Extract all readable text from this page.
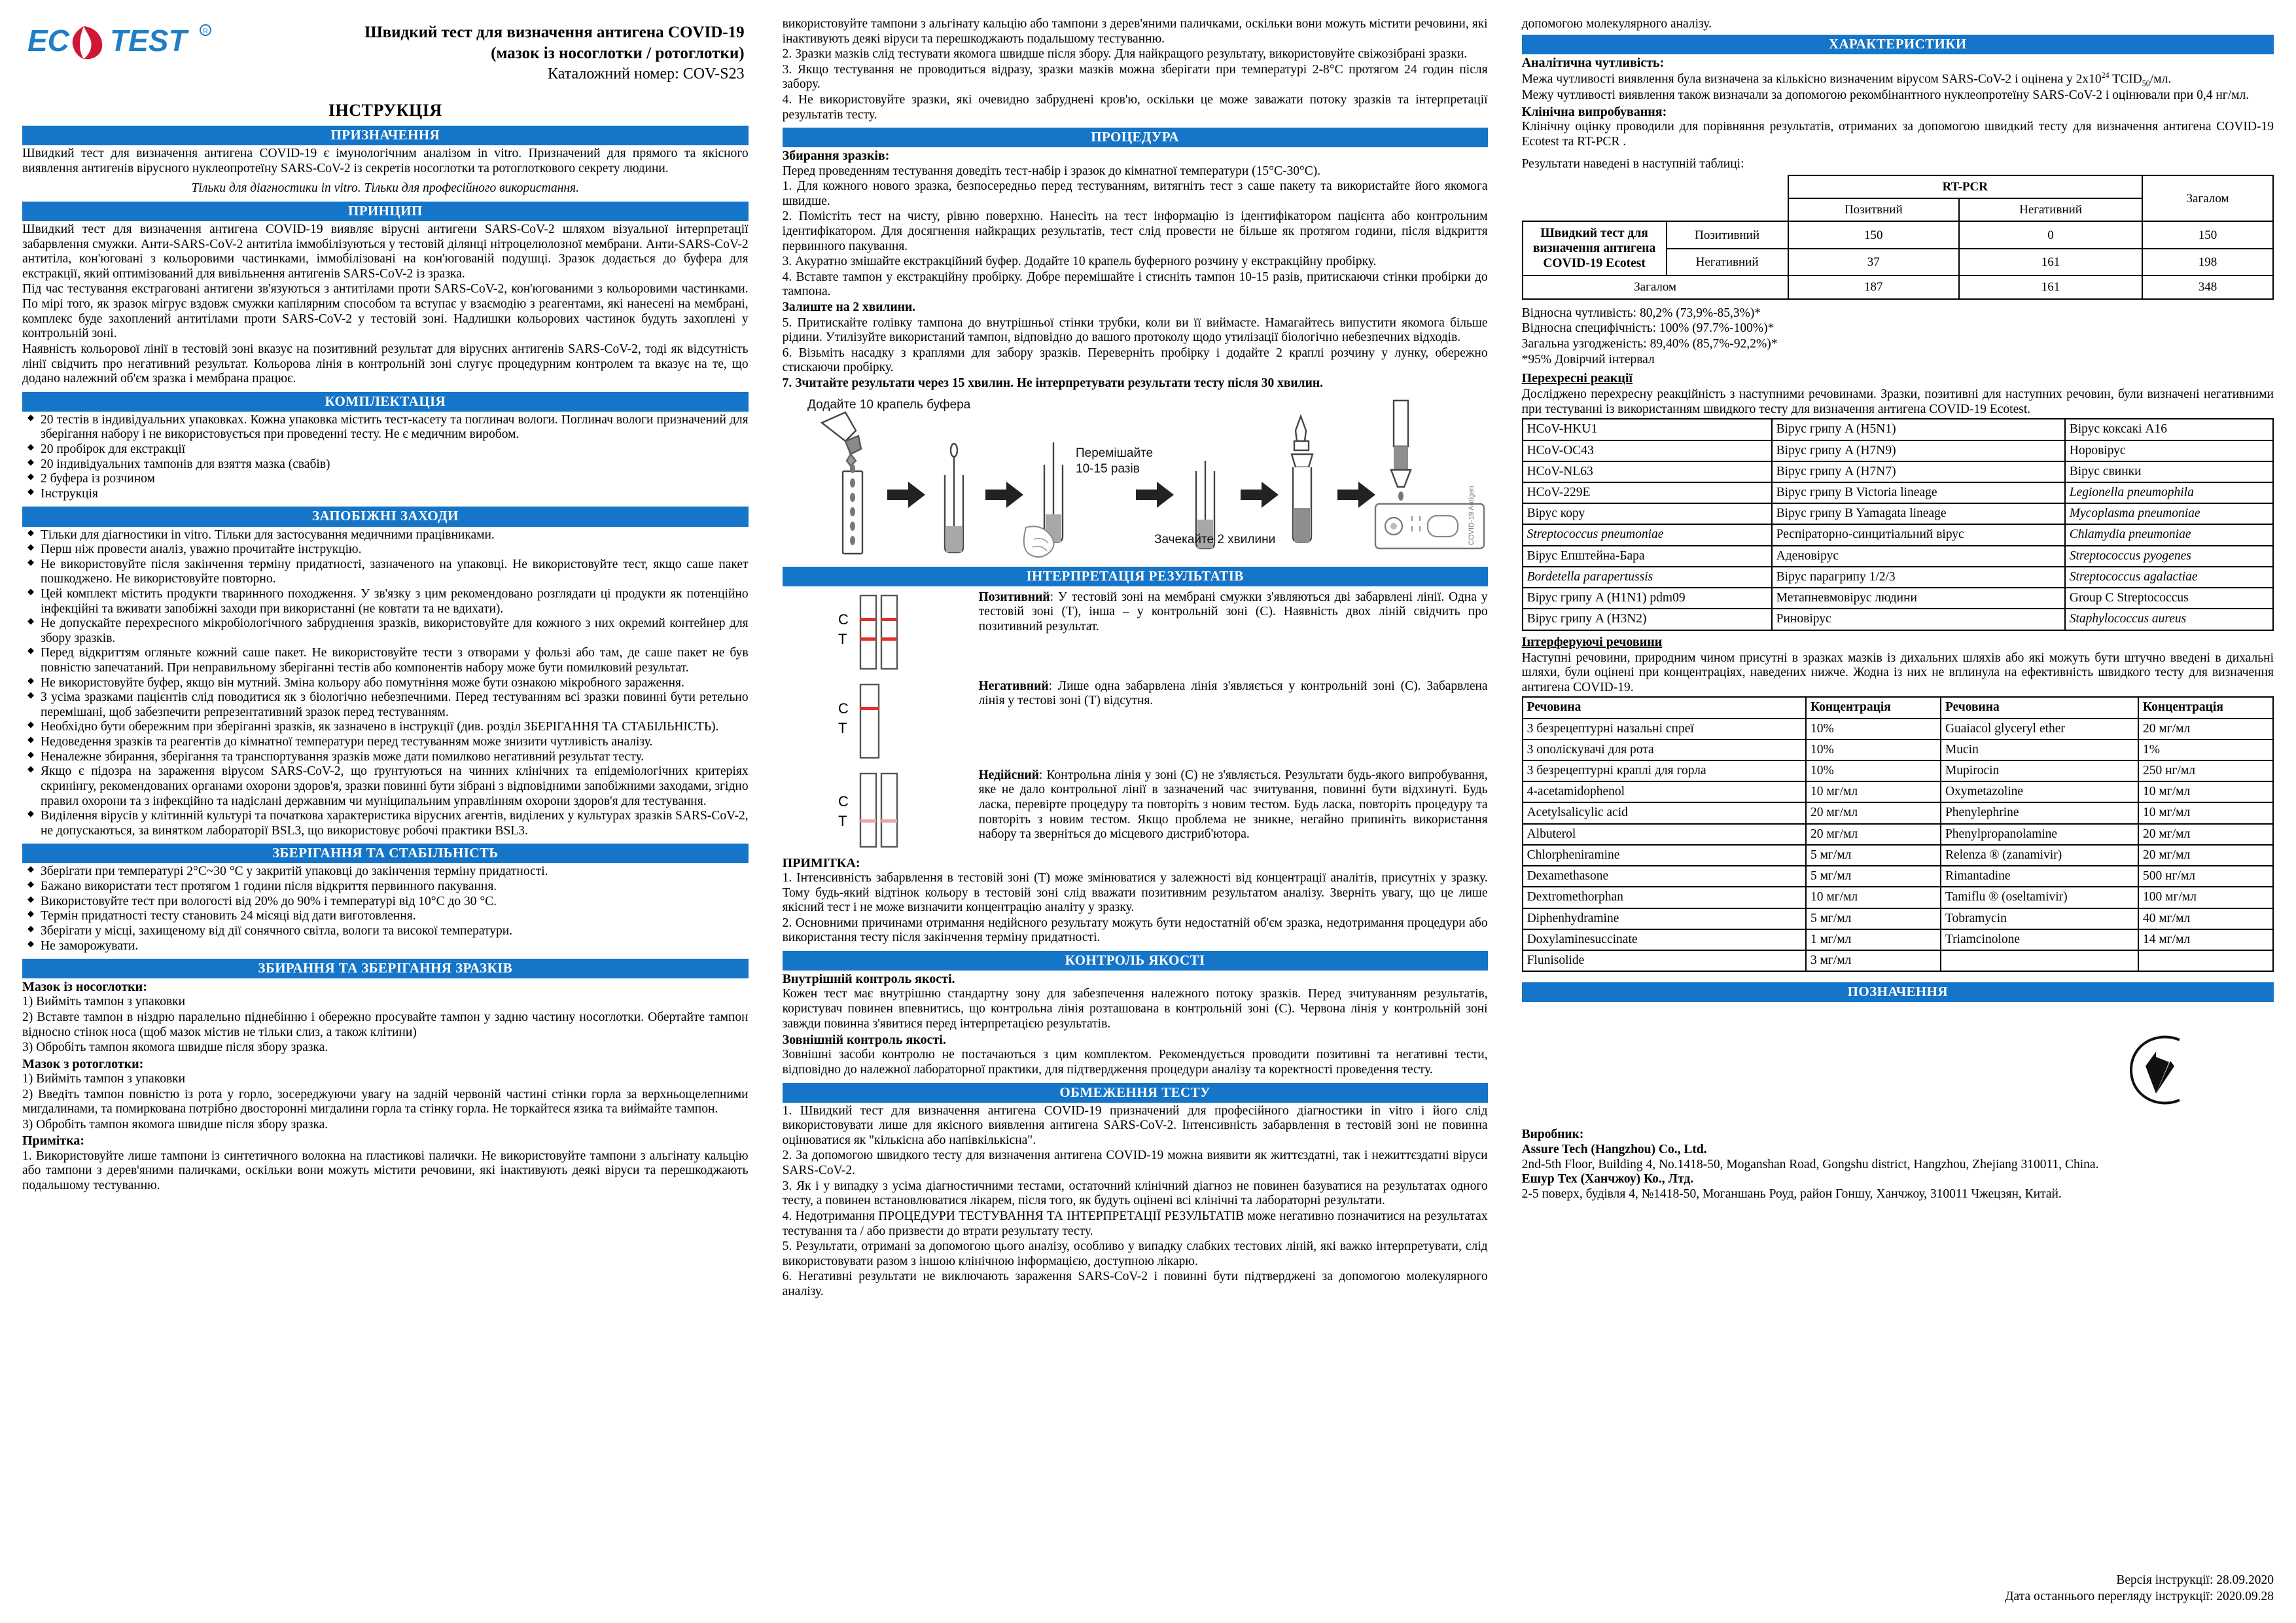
EC TEST	R	Швидкий тест для визначення антигена COVID-19
(мазок із носоглотки / ротоглотки)
Каталожний номер: COV-S23
ІНСТРУКЦІЯ
ПРИЗНАЧЕННЯ

Швидкий тест для визначення антигена COVID-19 є імунологічним аналізом in vitro. Призначений для прямого та якісного виявлення антигенів вірусного нуклеопротеїну SARS-CoV-2 із секретів носоглотки та ротоглоткового секрету людини.

Тільки для діагностики in vitro. Тільки для професійного використання.

ПРИНЦИП

Швидкий тест для визначення антигена COVID-19 виявляє вірусні антигени SARS-CoV-2 шляхом візуальної інтерпретації забарвлення смужки. Анти-SARS-CoV-2 антитіла іммобілізуються у тестовій ділянці нітроцелюлозної мембрани. Анти-SARS-CoV-2 антитіла, кон'юговані з кольоровими частинками, іммобілізовані на кон'югованій подушці. Зразок додається до буфера для екстракції, який оптимізований для вивільнення антигенів SARS-CoV-2 із зразка.

Під час тестування екстраговані антигени зв'язуються з антитілами проти SARS-CoV-2, кон'югованими з кольоровими частинками. По мірі того, як зразок мігрує вздовж смужки капілярним способом та вступає у взаємодію з реагентами, які нанесені на мембрані, комплекс буде захоплений антитілами проти SARS-CoV-2 у тестовій зоні. Надлишки кольорових частинок будуть захоплені у контрольній зоні.

Наявність кольорової лінії в тестовій зоні вказує на позитивний результат для вірусних антигенів SARS-CoV-2, тоді як відсутність лінії свідчить про негативний результат. Кольорова лінія в контрольній зоні слугує процедурним контролем та вказує на те, що додано належний об'єм зразка і мембрана працює.

КОМПЛЕКТАЦІЯ
◆ 20 тестів в індивідуальних упаковках. Кожна упаковка містить тест-касету та поглинач вологи. Поглинач вологи призначений для зберігання набору і не використовується при проведенні тесту. Не є медичним виробом.
◆ 20 пробірок для екстракції
◆ 20 індивідуальних тампонів для взяття мазка (свабів)
◆ 2 буфера із розчином
◆ Інструкція
ЗАПОБІЖНІ ЗАХОДИ
◆ Тільки для діагностики in vitro. Тільки для застосування медичними працівниками.
◆ Перш ніж провести аналіз, уважно прочитайте інструкцію.
◆ Не використовуйте після закінчення терміну придатності, зазначеного на упаковці. Не використовуйте тест, якщо саше пакет пошкоджено. Не використовуйте повторно.
◆ Цей комплект містить продукти тваринного походження. У зв'язку з цим рекомендовано розглядати ці продукти як потенційно інфекційні та вживати запобіжні заходи при використанні (не ковтати та не вдихати).
◆ Не допускайте перехресного мікробіологічного забруднення зразків, використовуйте для кожного з них окремий контейнер для збору зразків.
◆ Перед відкриттям огляньте кожний саше пакет. Не використовуйте тести з отворами у фользі або там, де саше пакет не був повністю запечатаний. При неправильному зберіганні тестів або компонентів набору може бути помилковий результат.
◆ Не використовуйте буфер, якщо він мутний. Зміна кольору або помутніння може бути ознакою мікробного зараження.
◆ З усіма зразками пацієнтів слід поводитися як з біологічно небезпечними. Перед тестуванням всі зразки повинні бути ретельно перемішані, щоб забезпечити репрезентативний зразок перед тестуванням.
◆ Необхідно бути обережним при зберіганні зразків, як зазначено в інструкції (див. розділ ЗБЕРІГАННЯ ТА СТАБІЛЬНІСТЬ).
◆ Недоведення зразків та реагентів до кімнатної температури перед тестуванням може знизити чутливість аналізу.
◆ Неналежне збирання, зберігання та транспортування зразків може дати помилково негативний результат тесту.
◆ Якщо є підозра на зараження вірусом SARS-CoV-2, що ґрунтуються на чинних клінічних та епідеміологічних критеріях скринінгу, рекомендованих органами охорони здоров'я, зразки повинні бути зібрані з відповідними запобіжними заходами, згідно правил охорони та з інфекційно та надіслані державним чи муніципальним управлінням охорони здоров'я для тестування.
◆ Виділення вірусів у клітинній культурі та початкова характеристика вірусних агентів, виділених у культурах зразків SARS-CoV-2, не допускаються, за винятком лабораторії BSL3, що використовує робочі практики BSL3.
ЗБЕРІГАННЯ ТА СТАБІЛЬНІСТЬ
◆ Зберігати при температурі 2°C~30 °C у закритій упаковці до закінчення терміну придатності.
◆ Бажано використати тест протягом 1 години після відкриття первинного пакування.
◆ Використовуйте тест при вологості від 20% до 90% і температурі від 10°C до 30 °C.
◆ Термін придатності тесту становить 24 місяці від дати виготовлення.
◆ Зберігати у місці, захищеному від дії сонячного світла, вологи та високої температури.
◆ Не заморожувати.
ЗБИРАННЯ ТА ЗБЕРІГАННЯ ЗРАЗКІВ
Мазок із носоглотки:

1) Вийміть тампон з упаковки

2) Вставте тампон в ніздрю паралельно піднебінню і обережно просувайте тампон у задню частину носоглотки. Обертайте тампон відносно стінок носа (щоб мазок містив не тільки слиз, а також клітини)

3) Обробіть тампон якомога швидше після збору зразка.

Мазок з ротоглотки:

1) Вийміть тампон з упаковки

2) Введіть тампон повністю із рота у горло, зосереджуючи увагу на задній червоній частині стінки горла за верхньощелепними мигдалинами, та помиркована потрібно двосторонні мигдалини горла та стінку горла. Не торкайтеся язика та виймайте тампон.

3) Обробіть тампон якомога швидше після збору зразка.

Примітка:

1. Використовуйте лише тампони із синтетичного волокна на пластикові палички. Не використовуйте тампони з альгінату кальцію або тампони з дерев'яними паличками, оскільки вони можуть містити речовини, які інактивують деякі віруси та перешкоджають подальшому тестуванню.

використовуйте тампони з альгінату кальцію або тампони з дерев'яними паличками, оскільки вони можуть містити речовини, які інактивують деякі віруси та перешкоджають подальшому тестуванню.

2. Зразки мазків слід тестувати якомога швидше після збору. Для найкращого результату, використовуйте свіжозібрані зразки.

3. Якщо тестування не проводиться відразу, зразки мазків можна зберігати при температурі 2-8°C протягом 24 годин після забору.

4. Не використовуйте зразки, які очевидно забруднені кров'ю, оскільки це може заважати потоку зразків та інтерпретації результатів тесту.

ПРОЦЕДУРА
Збирання зразків:

Перед проведенням тестування доведіть тест-набір і зразок до кімнатної температури (15°C-30°C).

1. Для кожного нового зразка, безпосередньо перед тестуванням, витягніть тест з саше пакету та використайте його якомога швидше.

2. Помістіть тест на чисту, рівню поверхню. Нанесіть на тест інформацію із ідентифікатором пацієнта або контрольним ідентифікатором. Для досягнення найкращих результатів, тест слід провести не більше як протягом години, після відкриття первинного пакування.

3. Акуратно змішайте екстракційний буфер. Додайте 10 крапель буферного розчину у екстракційну пробірку.

4. Вставте тампон у екстракційну пробірку. Добре перемішайте і стисніть тампон 10-15 разів, притискаючи стінки пробірки до тампона.

Залиште на 2 хвилини.

5. Притискайте голівку тампона до внутрішньої стінки трубки, коли ви її виймаєте. Намагайтесь випустити якомога більше рідини. Утилізуйте використаний тампон, відповідно до вашого протоколу щодо утилізації біологічно небезпечних відходів.

6. Візьміть насадку з краплями для забору зразків. Переверніть пробірку і додайте 2 краплі розчину у лунку, обережно стискаючи пробірку.

7. Зчитайте результати через 15 хвилин. Не інтерпретувати результати тесту після 30 хвилин.

COVID-19 Antigen
Додайте 10 крапель буфера
Перемішайте
10-15 разів
Зачекайте 2 хвилини
ІНТЕРПРЕТАЦІЯ РЕЗУЛЬТАТІВ
C
T
Позитивний: У тестовій зоні на мембрані смужки з'являються дві забарвлені лінії. Одна у тестовій зоні (Т), інша – у контрольній зоні (С). Наявність двох ліній свідчить про позитивний результат.
C
T
Негативний: Лише одна забарвлена лінія з'являється у контрольній зоні (С). Забарвлена лінія у тестові зоні (Т) відсутня.
C
T
Недійсний: Контрольна лінія у зоні (С) не з'являється. Результати будь-якого випробування, яке не дало контрольної лінії в зазначений час зчитування, повинні бути відхинуті. Будь ласка, перевірте процедуру та повторіть з новим тестом. Будь ласка, повторіть процедуру та повторіть з новим тестом. Якщо проблема не зникне, негайно припиніть використання набору та зверніться до місцевого дистриб'ютора.
ПРИМІТКА:

1. Інтенсивність забарвлення в тестовій зоні (Т) може змінюватися у залежності від концентрації аналітів, присутніх у зразку. Тому будь-який відтінок кольору в тестовій зоні слід вважати позитивним результатом аналізу. Зверніть увагу, що це лише якісний тест і не може визначити концентрацію аналіту у зразку.

2. Основними причинами отримання недійсного результату можуть бути недостатній об'єм зразка, недотримання процедури або використання тесту після закінчення терміну придатності.

КОНТРОЛЬ ЯКОСТІ
Внутрішній контроль якості.

Кожен тест має внутрішню стандартну зону для забезпечення належного потоку зразків. Перед зчитуванням результатів, користувач повинен впевнитись, що контрольна лінія розташована в контрольній зоні (С). Червона лінія у контрольній зоні завжди повинна з'явитися перед інтерпретацією результатів.

Зовнішній контроль якості.

Зовнішні засоби контролю не постачаються з цим комплектом. Рекомендується проводити позитивні та негативні тести, відповідно до належної лабораторної практики, для підтвердження процедури аналізу та коректності проведення тесту.

ОБМЕЖЕННЯ ТЕСТУ

1. Швидкий тест для визначення антигена COVID-19 призначений для професійного діагностики in vitro і його слід використовувати лише для якісного виявлення антигена SARS-CoV-2. Інтенсивність забарвлення в тестовій зоні не повинна оцінюватися як "кількісна або напівкількісна".

2. За допомогою швидкого тесту для визначення антигена COVID-19 можна виявити як життєздатні, так і нежиттєздатні віруси SARS-CoV-2.

3. Як і у випадку з усіма діагностичними тестами, остаточний клінічний діагноз не повинен базуватися на результатах одного тесту, а повинен встановлюватися лікарем, після того, як будуть оцінені всі клінічні та лабораторні результати.

4. Недотримання ПРОЦЕДУРИ ТЕСТУВАННЯ ТА ІНТЕРПРЕТАЦІЇ РЕЗУЛЬТАТІВ може негативно позначитися на результатах тестування та / або призвести до втрати результату тесту.

5. Результати, отримані за допомогою цього аналізу, особливо у випадку слабких тестових ліній, які важко інтерпретувати, слід використовувати разом з іншою клінічною інформацією, доступною лікарю.

6. Негативні результати не виключають зараження SARS-CoV-2 і повинні бути підтверджені за допомогою молекулярного аналізу.

допомогою молекулярного аналізу.

ХАРАКТЕРИСТИКИ
Аналітична чутливість:

Межа чутливості виявлення була визначена за кількісно визначеним вірусом SARS-CoV-2 і оцінена у $2x10^{24}$ $TCID_{50}/мл$.

Межу чутливості виявлення також визначали за допомогою рекомбінантного нуклеопротеїну SARS-CoV-2 і оцінювали при 0,4 нг/мл.

Клінічна випробування:

Клінічну оцінку проводили для порівняння результатів, отриманих за допомогою швидкий тесту для визначення антигена COVID-19 Ecotest та RT-PCR .

Результати наведені в наступній таблиці:

		RT-PCR		Загалом
		Позитвний	Негативний	
Швидкий тест для визначення антигена COVID-19 Ecotest	Позитивний	150	0	150
	Негативний	37	161	198
Загалом		187	161	348

Відносна чутливість: 80,2% (73,9%-85,3%)*

Відносна специфічність: 100% (97.7%-100%)*

Загальна узгодженість: 89,40% (85,7%-92,2%)*

*95% Довірчий інтервал

Перехресні реакції

Досліджено перехресну реакційність з наступними речовинами. Зразки, позитивні для наступних речовин, були визначені негативними при тестуванні із використанням швидкого тесту для визначення антигена COVID-19 Ecotest.

HCoV-HKU1	Вірус грипу A (H5N1)	Вірус коксакі A16
HCoV-OC43	Вірус грипу A (H7N9)	Норовірус
HCoV-NL63	Вірус грипу A (H7N7)	Вірус свинки
HCoV-229E	Вірус грипу B Victoria lineage	Legionella pneumophila
Вірус кору	Вірус грипу B Yamagata lineage	Mycoplasma pneumoniae
Streptococcus pneumoniae	Респіраторно-синцитіальний вірус	Chlamydia pneumoniae
Вірус Епштейна-Бара	Аденовірус	Streptococcus pyogenes
Bordetella parapertussis	Вірус парагрипу 1/2/3	Streptococcus agalactiae
Вірус грипу A (H1N1) pdm09	Метапневмовірус людини	Group C Streptococcus
Вірус грипу A (H3N2)	Риновірус	Staphylococcus aureus
Інтерферуючі речовини

Наступні речовини, природним чином присутні в зразках мазків із дихальних шляхів або які можуть бути штучно введені в дихальні шляхи, були оцінені при концентраціях, наведених нижче. Жодна із них не вплинула на ефективність швидкого тесту для визначення антигена COVID-19.

Речовина	Концентрація	Речовина	Концентрація
3 безрецептурні назальні спреї	10%	Guaiacol glyceryl ether	20 мг/мл
3 ополіскувачі для рота	10%	Mucin	1%
3 безрецептурні краплі для горла	10%	Mupirocin	250 нг/мл
4-acetamidophenol	10 мг/мл	Oxymetazoline	10 мг/мл
Acetylsalicylic acid	20 мг/мл	Phenylephrine	10 мг/мл
Albuterol	20 мг/мл	Phenylpropanolamine	20 мг/мл
Chlorpheniramine	5 мг/мл	Relenza ® (zanamivir)	20 мг/мл
Dexamethasone	5 мг/мл	Rimantadine	500 нг/мл
Dextromethorphan	10 мг/мл	Tamiflu ® (oseltamivir)	100 мг/мл
Diphenhydramine	5 мг/мл	Tobramycin	40 мг/мл
Doxylaminesuccinate	1 мг/мл	Triamcinolone	14 мг/мл
Flunisolide	3 мг/мл		
ПОЗНАЧЕННЯ
Виробник:
Assure Tech (Hangzhou) Co., Ltd.
2nd-5th Floor, Building 4, No.1418-50, Moganshan Road, Gongshu district, Hangzhou, Zhejiang 310011, China.
Ешур Тех (Ханчжоу) Ко., Лтд.
2-5 поверх, будівля 4, №1418-50, Моганшань Роуд, район Гоншу, Ханчжоу, 310011 Чжецзян, Китай.
Версія інструкції: 28.09.2020
Дата останнього перегляду інструкції: 2020.09.28
